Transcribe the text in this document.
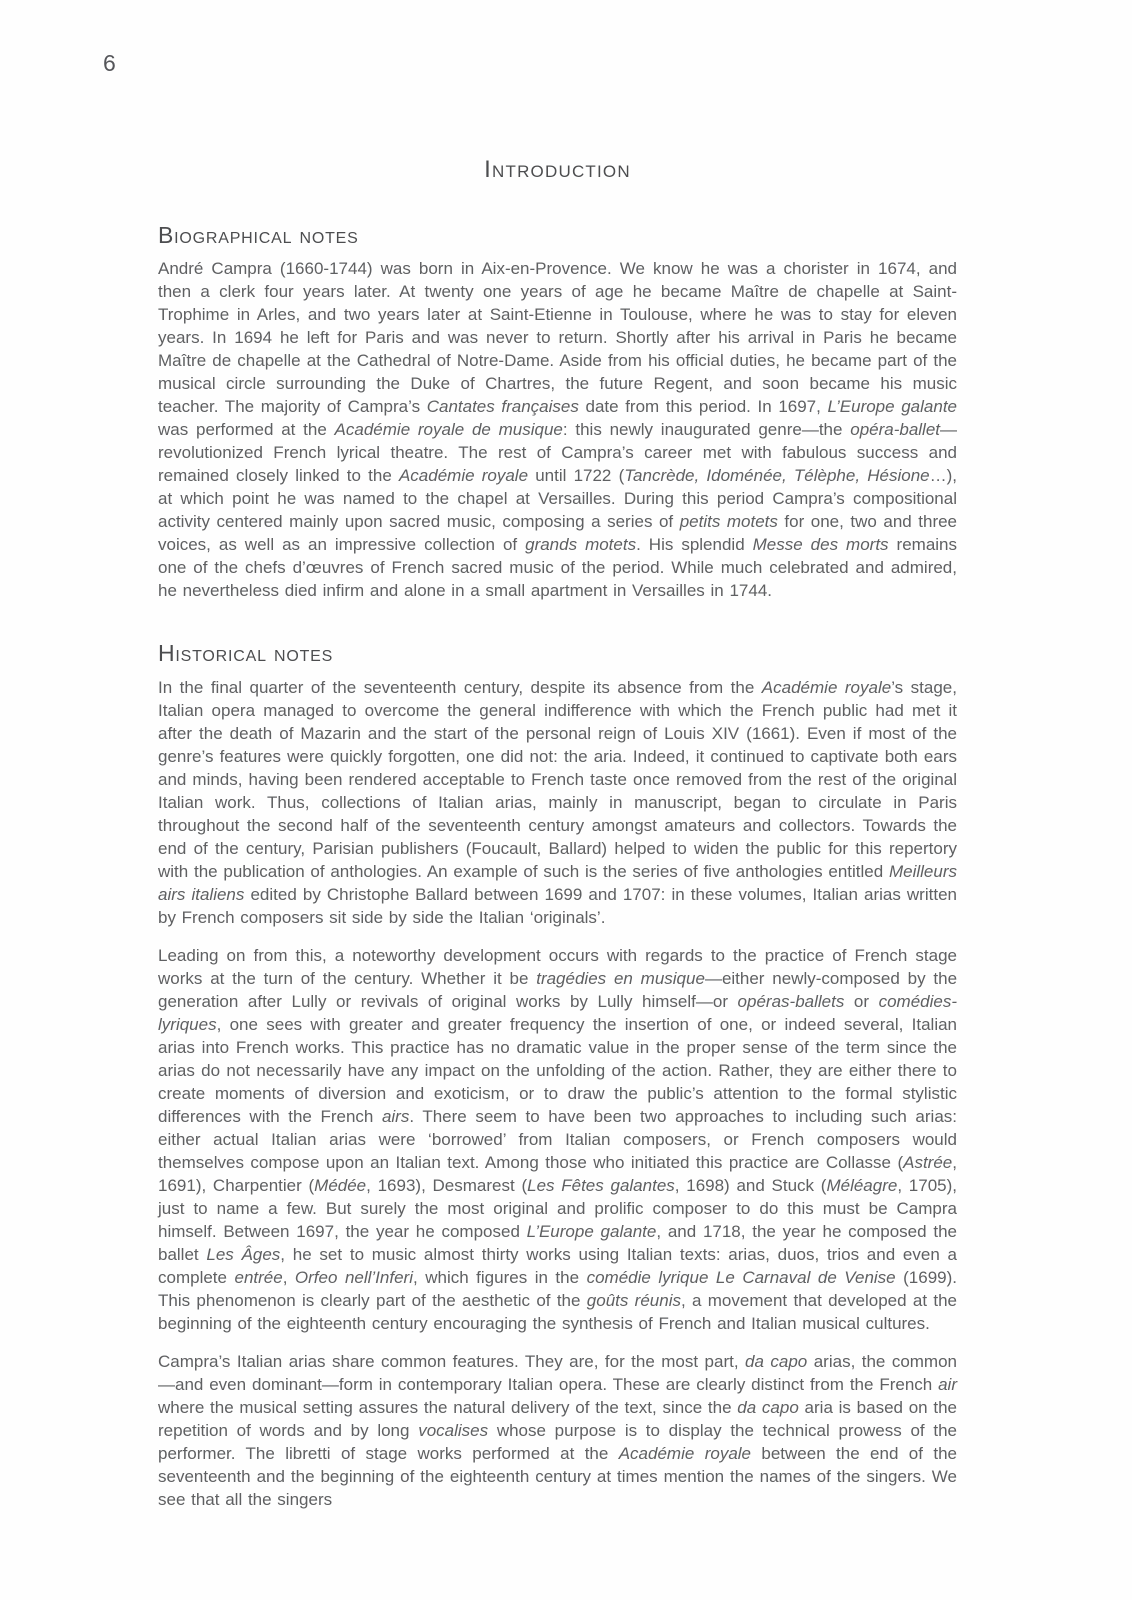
6
Introduction
Biographical notes

André Campra (1660-1744) was born in Aix-en-Provence. We know he was a chorister in 1674, and then a clerk four years later. At twenty one years of age he became Maître de chapelle at Saint-Trophime in Arles, and two years later at Saint-Etienne in Toulouse, where he was to stay for eleven years. In 1694 he left for Paris and was never to return. Shortly after his arrival in Paris he became Maître de chapelle at the Cathedral of Notre-Dame. Aside from his official duties, he became part of the musical circle surrounding the Duke of Chartres, the future Regent, and soon became his music teacher. The majority of Campra’s Cantates françaises date from this period. In 1697, L’Europe galante was performed at the Académie royale de musique: this newly inaugurated genre—the opéra-ballet—revolutionized French lyrical theatre. The rest of Campra’s career met with fabulous success and remained closely linked to the Académie royale until 1722 (Tancrède, Idoménée, Télèphe, Hésione…), at which point he was named to the chapel at Versailles. During this period Campra’s compositional activity centered mainly upon sacred music, composing a series of petits motets for one, two and three voices, as well as an impressive collection of grands motets. His splendid Messe des morts remains one of the chefs d’œuvres of French sacred music of the period. While much celebrated and admired, he nevertheless died infirm and alone in a small apartment in Versailles in 1744.

Historical notes

In the final quarter of the seventeenth century, despite its absence from the Académie royale’s stage, Italian opera managed to overcome the general indifference with which the French public had met it after the death of Mazarin and the start of the personal reign of Louis XIV (1661). Even if most of the genre’s features were quickly forgotten, one did not: the aria. Indeed, it continued to captivate both ears and minds, having been rendered acceptable to French taste once removed from the rest of the original Italian work. Thus, collections of Italian arias, mainly in manuscript, began to circulate in Paris throughout the second half of the seventeenth century amongst amateurs and collectors. Towards the end of the century, Parisian publishers (Foucault, Ballard) helped to widen the public for this repertory with the publication of anthologies. An example of such is the series of five anthologies entitled Meilleurs airs italiens edited by Christophe Ballard between 1699 and 1707: in these volumes, Italian arias written by French composers sit side by side the Italian ‘originals’.

Leading on from this, a noteworthy development occurs with regards to the practice of French stage works at the turn of the century. Whether it be tragédies en musique—either newly-composed by the generation after Lully or revivals of original works by Lully himself—or opéras-ballets or comédies-lyriques, one sees with greater and greater frequency the insertion of one, or indeed several, Italian arias into French works. This practice has no dramatic value in the proper sense of the term since the arias do not necessarily have any impact on the unfolding of the action. Rather, they are either there to create moments of diversion and exoticism, or to draw the public’s attention to the formal stylistic differences with the French airs. There seem to have been two approaches to including such arias: either actual Italian arias were ‘borrowed’ from Italian composers, or French composers would themselves compose upon an Italian text. Among those who initiated this practice are Collasse (Astrée, 1691), Charpentier (Médée, 1693), Desmarest (Les Fêtes galantes, 1698) and Stuck (Méléagre, 1705), just to name a few. But surely the most original and prolific composer to do this must be Campra himself. Between 1697, the year he composed L’Europe galante, and 1718, the year he composed the ballet Les Âges, he set to music almost thirty works using Italian texts: arias, duos, trios and even a complete entrée, Orfeo nell’Inferi, which figures in the comédie lyrique Le Carnaval de Venise (1699). This phenomenon is clearly part of the aesthetic of the goûts réunis, a movement that developed at the beginning of the eighteenth century encouraging the synthesis of French and Italian musical cultures.

Campra’s Italian arias share common features. They are, for the most part, da capo arias, the common—and even dominant—form in contemporary Italian opera. These are clearly distinct from the French air where the musical setting assures the natural delivery of the text, since the da capo aria is based on the repetition of words and by long vocalises whose purpose is to display the technical prowess of the performer. The libretti of stage works performed at the Académie royale between the end of the seventeenth and the beginning of the eighteenth century at times mention the names of the singers. We see that all the singers
